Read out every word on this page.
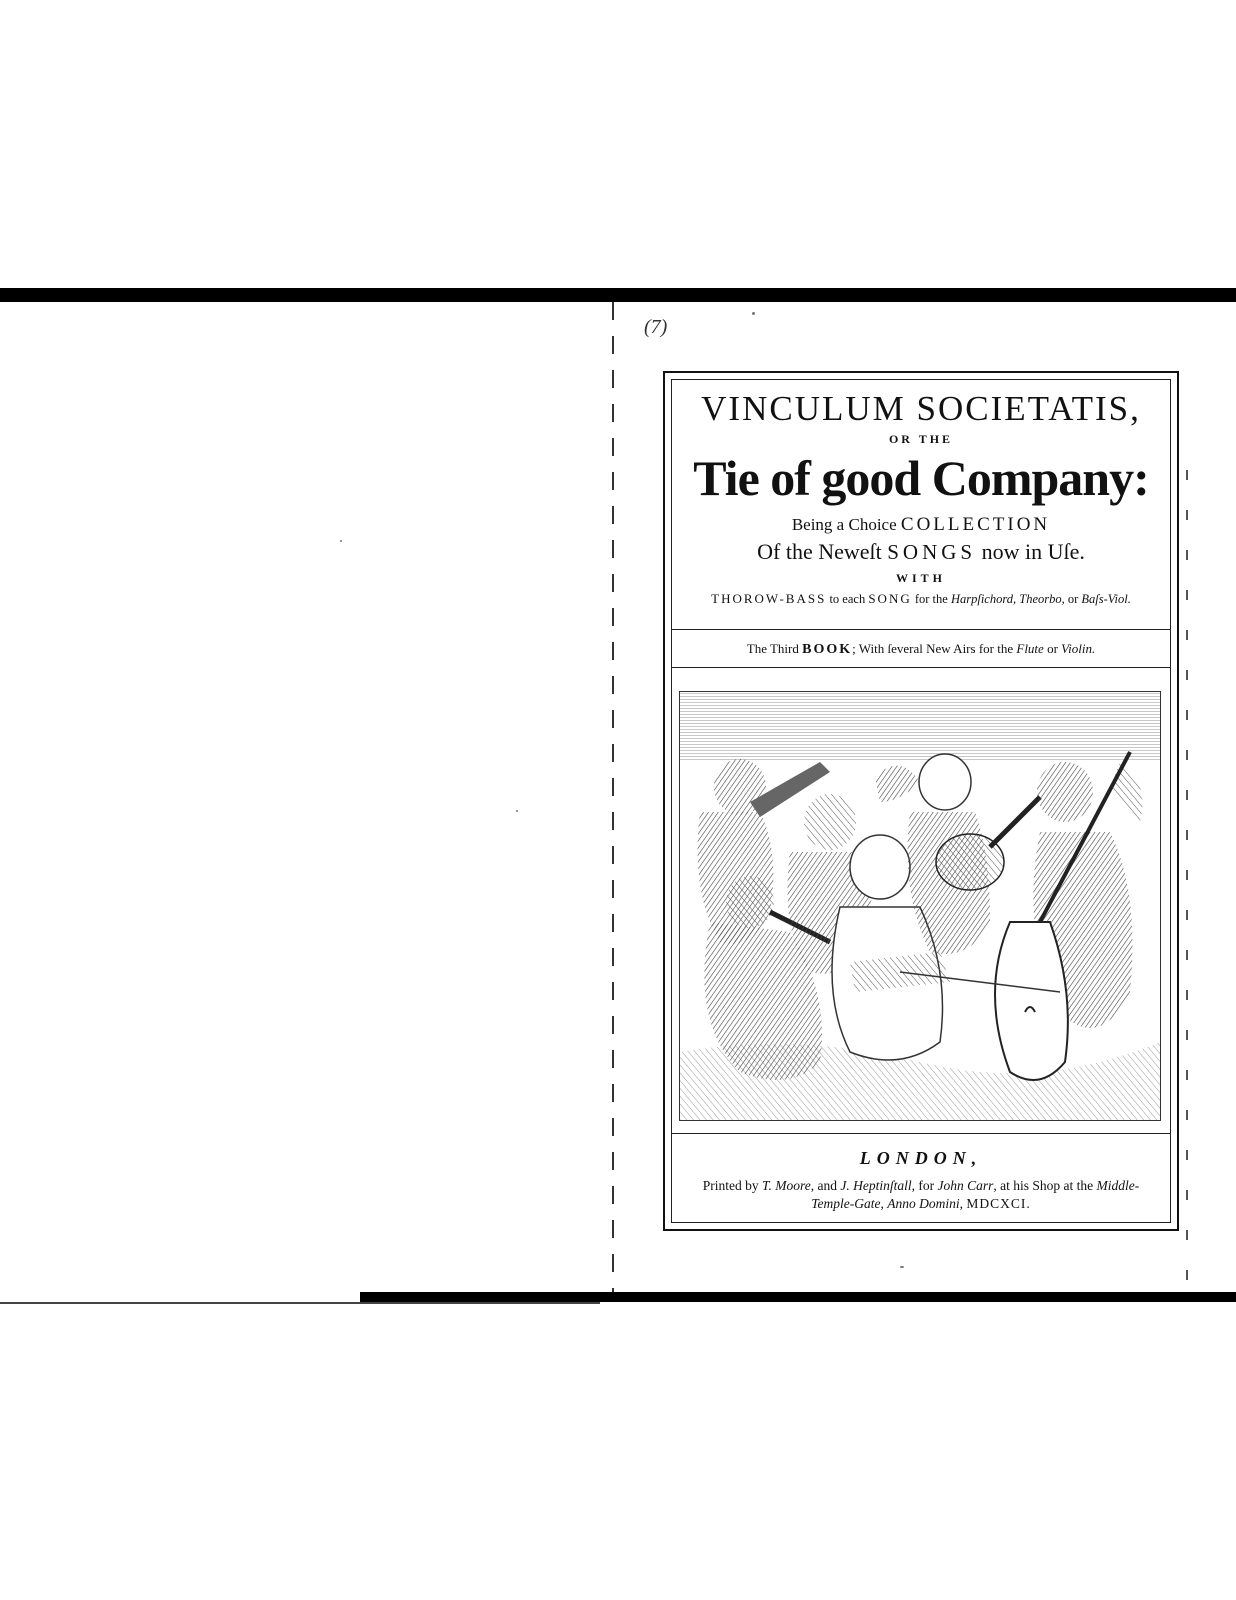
(7)
VINCULUM SOCIETATIS,
OR THE
Tie of good Company:
Being a Choice COLLECTION
Of the Neweſt SONGS now in Uſe.
WITH
THOROW-BASS to each SONG for the Harpſichord, Theorbo, or Baſs-Viol.
The Third BOOK; With ſeveral New Airs for the Flute or Violin.
LONDON,
Printed by T. Moore, and J. Heptinſtall, for John Carr, at his Shop at the Middle-
Temple-Gate, Anno Domini, MDCXCI.
